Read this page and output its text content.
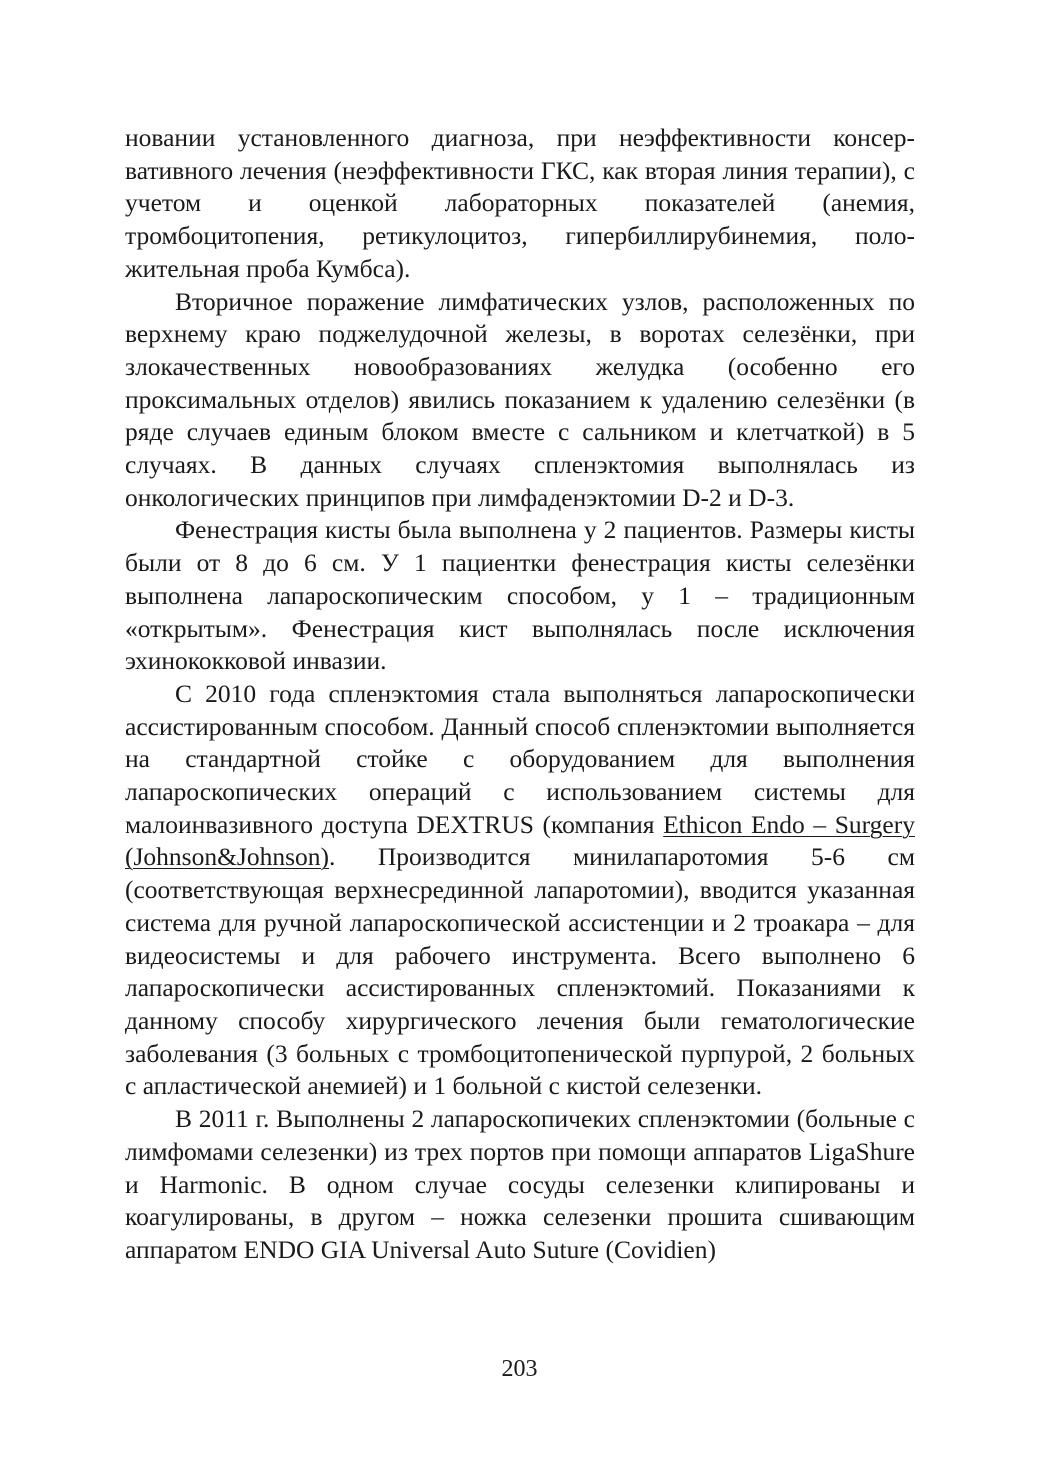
новании установленного диагноза, при неэффективности консервативного лечения (неэффективности ГКС, как вторая линия терапии), с учетом и оценкой лабораторных показателей (анемия, тромбоцитопения, ретикулоцитоз, гипербиллирубинемия, положительная проба Кумбса).

Вторичное поражение лимфатических узлов, расположенных по верхнему краю поджелудочной железы, в воротах селезёнки, при злокачественных новообразованиях желудка (особенно его проксимальных отделов) явились показанием к удалению селезёнки (в ряде случаев единым блоком вместе с сальником и клетчаткой) в 5 случаях. В данных случаях спленэктомия выполнялась из онкологических принципов при лимфаденэктомии D-2 и D-3.

Фенестрация кисты была выполнена у 2 пациентов. Размеры кисты были от 8 до 6 см. У 1 пациентки фенестрация кисты селезёнки выполнена лапароскопическим способом, у 1 – традиционным «открытым». Фенестрация кист выполнялась после исключения эхинококковой инвазии.

С 2010 года спленэктомия стала выполняться лапароскопически ассистированным способом. Данный способ спленэктомии выполняется на стандартной стойке с оборудованием для выполнения лапароскопических операций с использованием системы для малоинвазивного доступа DEXTRUS (компания Ethicon Endo – Surgery (Johnson&Johnson). Производится минилапаротомия 5-6 см (соответствующая верхнесрединной лапаротомии), вводится указанная система для ручной лапароскопической ассистенции и 2 троакара – для видеосистемы и для рабочего инструмента. Всего выполнено 6 лапароскопически ассистированных спленэктомий. Показаниями к данному способу хирургического лечения были гематологические заболевания (3 больных с тромбоцитопенической пурпурой, 2 больных с апластической анемией) и 1 больной с кистой селезенки.

В 2011 г. Выполнены 2 лапароскопичеких спленэктомии (больные с лимфомами селезенки) из трех портов при помощи аппаратов LigaShure и Harmonic. В одном случае сосуды селезенки клипированы и коагулированы, в другом – ножка селезенки прошита сшивающим аппаратом ENDO GIA Universal Auto Suture (Covidien)

203
